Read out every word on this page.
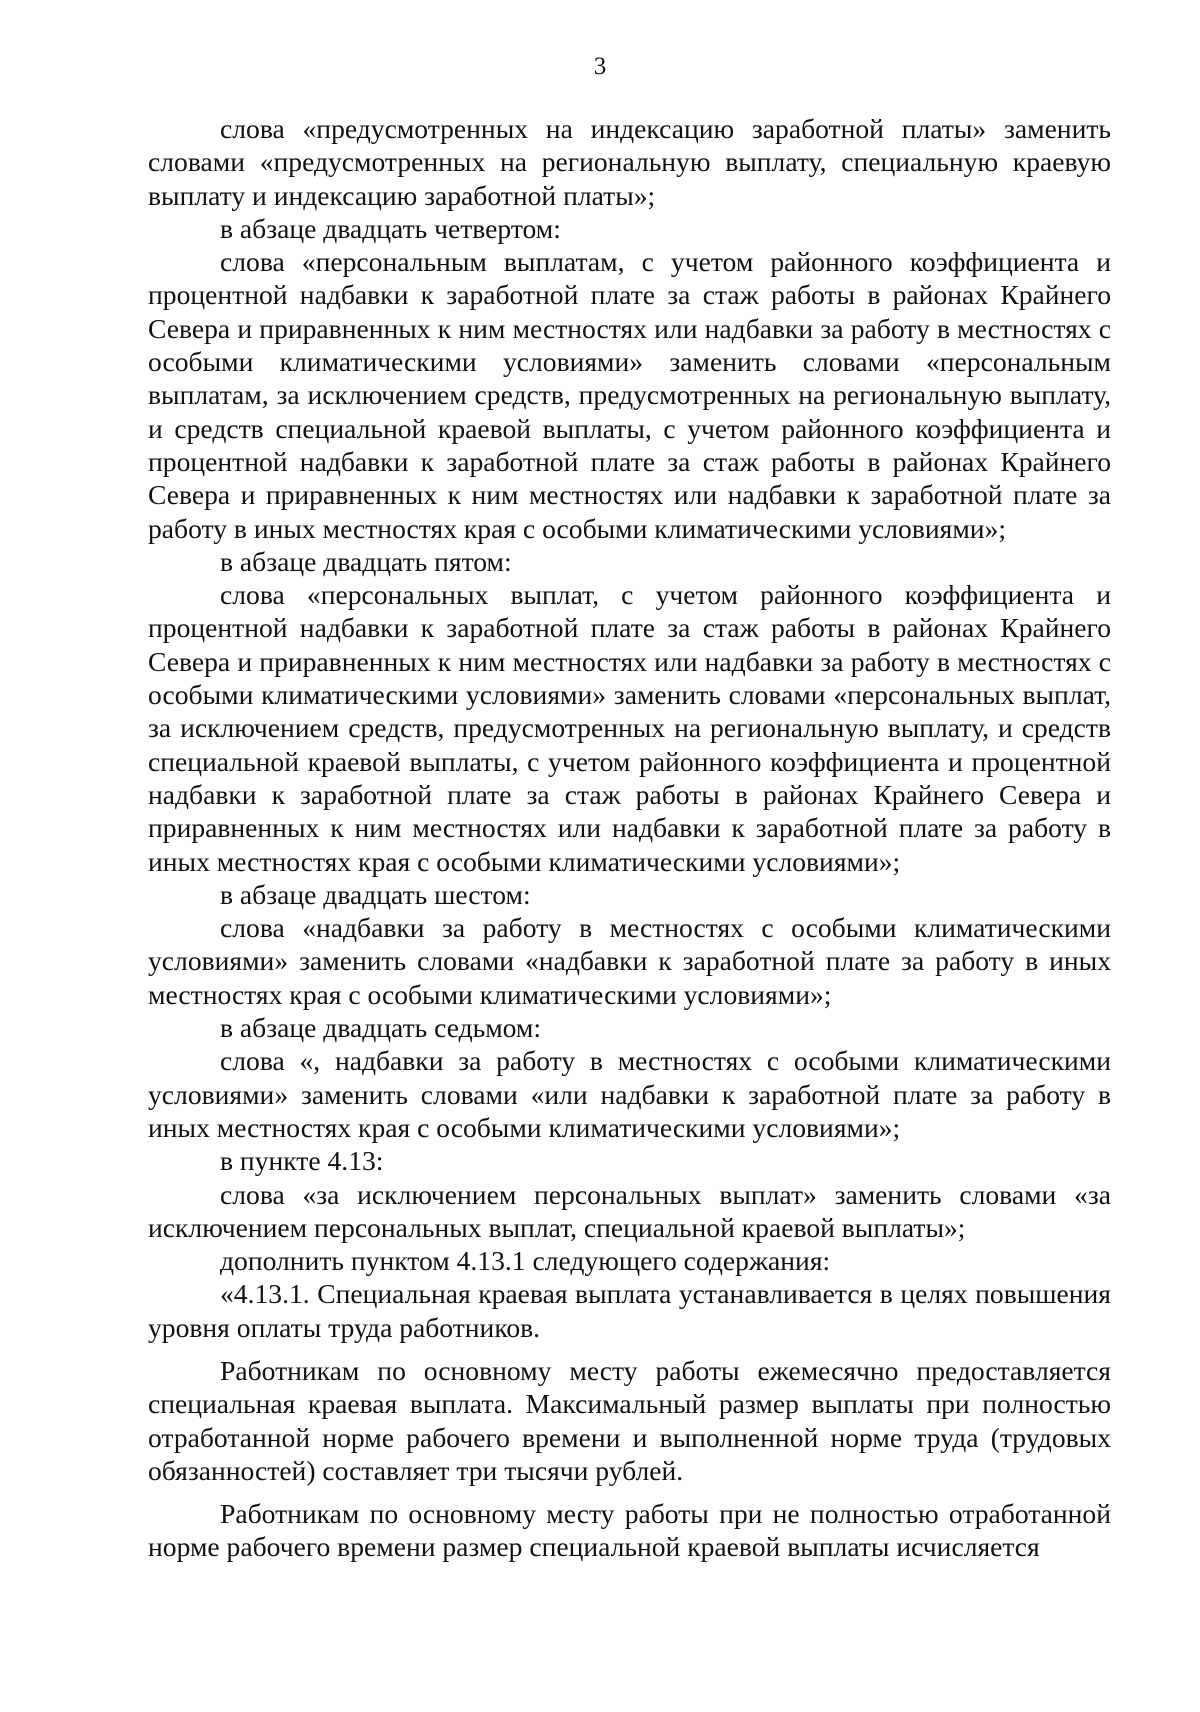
3

слова «предусмотренных на индексацию заработной платы» заменить словами «предусмотренных на региональную выплату, специальную краевую выплату и индексацию заработной платы»;

в абзаце двадцать четвертом:

слова «персональным выплатам, с учетом районного коэффициента и процентной надбавки к заработной плате за стаж работы в районах Крайнего Севера и приравненных к ним местностях или надбавки за работу в местностях с особыми климатическими условиями» заменить словами «персональным выплатам, за исключением средств, предусмотренных на региональную выплату, и средств специальной краевой выплаты, с учетом районного коэффициента и процентной надбавки к заработной плате за стаж работы в районах Крайнего Севера и приравненных к ним местностях или надбавки к заработной плате за работу в иных местностях края с особыми климатическими условиями»;

в абзаце двадцать пятом:

слова «персональных выплат, с учетом районного коэффициента и процентной надбавки к заработной плате за стаж работы в районах Крайнего Севера и приравненных к ним местностях или надбавки за работу в местностях с особыми климатическими условиями» заменить словами «персональных выплат, за исключением средств, предусмотренных на региональную выплату, и средств специальной краевой выплаты, с учетом районного коэффициента и процентной надбавки к заработной плате за стаж работы в районах Крайнего Севера и приравненных к ним местностях или надбавки к заработной плате за работу в иных местностях края с особыми климатическими условиями»;

в абзаце двадцать шестом:

слова «надбавки за работу в местностях с особыми климатическими условиями» заменить словами «надбавки к заработной плате за работу в иных местностях края с особыми климатическими условиями»;

в абзаце двадцать седьмом:

слова «, надбавки за работу в местностях с особыми климатическими условиями» заменить словами «или надбавки к заработной плате за работу в иных местностях края с особыми климатическими условиями»;

в пункте 4.13:

слова «за исключением персональных выплат» заменить словами «за исключением персональных выплат, специальной краевой выплаты»;

дополнить пунктом 4.13.1 следующего содержания:

«4.13.1. Специальная краевая выплата устанавливается в целях повышения уровня оплаты труда работников.

Работникам по основному месту работы ежемесячно предоставляется специальная краевая выплата. Максимальный размер выплаты при полностью отработанной норме рабочего времени и выполненной норме труда (трудовых обязанностей) составляет три тысячи рублей.

Работникам по основному месту работы при не полностью отработанной норме рабочего времени размер специальной краевой выплаты исчисляется
